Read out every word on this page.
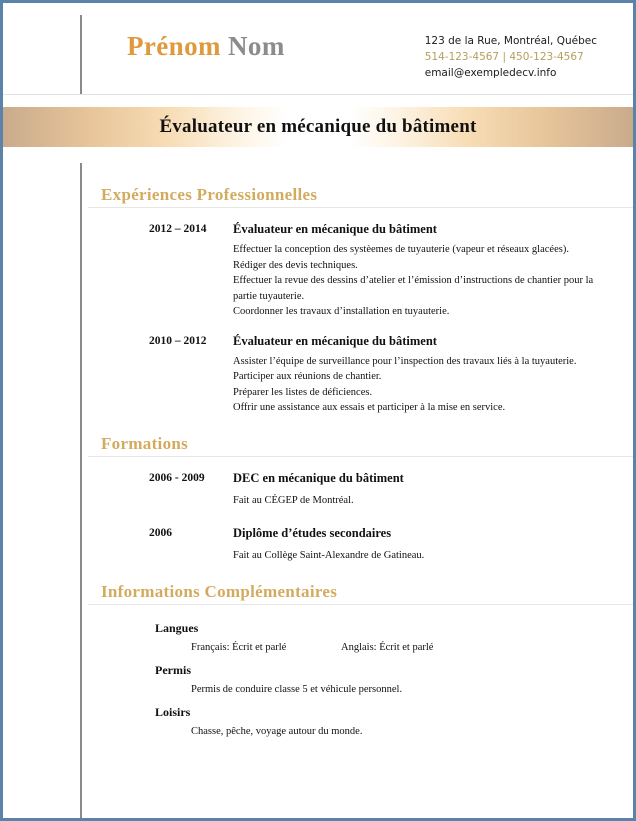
Prénom Nom	123 de la Rue, Montréal, Québec
514-123-4567 | 450-123-4567
email@exempledecv.info
Évaluateur en mécanique du bâtiment
Expériences Professionnelles
2012 – 2014	Évaluateur en mécanique du bâtiment

Effectuer la conception des systèemes de tuyauterie (vapeur et réseaux glacées).

Rédiger des devis techniques.

Effectuer la revue des dessins d’atelier et l’émission d’instructions de chantier pour la partie tuyauterie.

Coordonner les travaux d’installation en tuyauterie.

2010 – 2012	Évaluateur en mécanique du bâtiment

Assister l’équipe de surveillance pour l’inspection des travaux liés à la tuyauterie.

Participer aux réunions de chantier.

Préparer les listes de déficiences.

Offrir une assistance aux essais et participer à la mise en service.

Formations
2006 - 2009	DEC en mécanique du bâtiment
Fait au CÉGEP de Montréal.
2006	Diplôme d’études secondaires
Fait au Collège Saint-Alexandre de Gatineau.
Informations Complémentaires
Langues
Français: Écrit et parlé	Anglais: Écrit et parlé
Permis
Permis de conduire classe 5 et véhicule personnel.
Loisirs
Chasse, pêche, voyage autour du monde.
